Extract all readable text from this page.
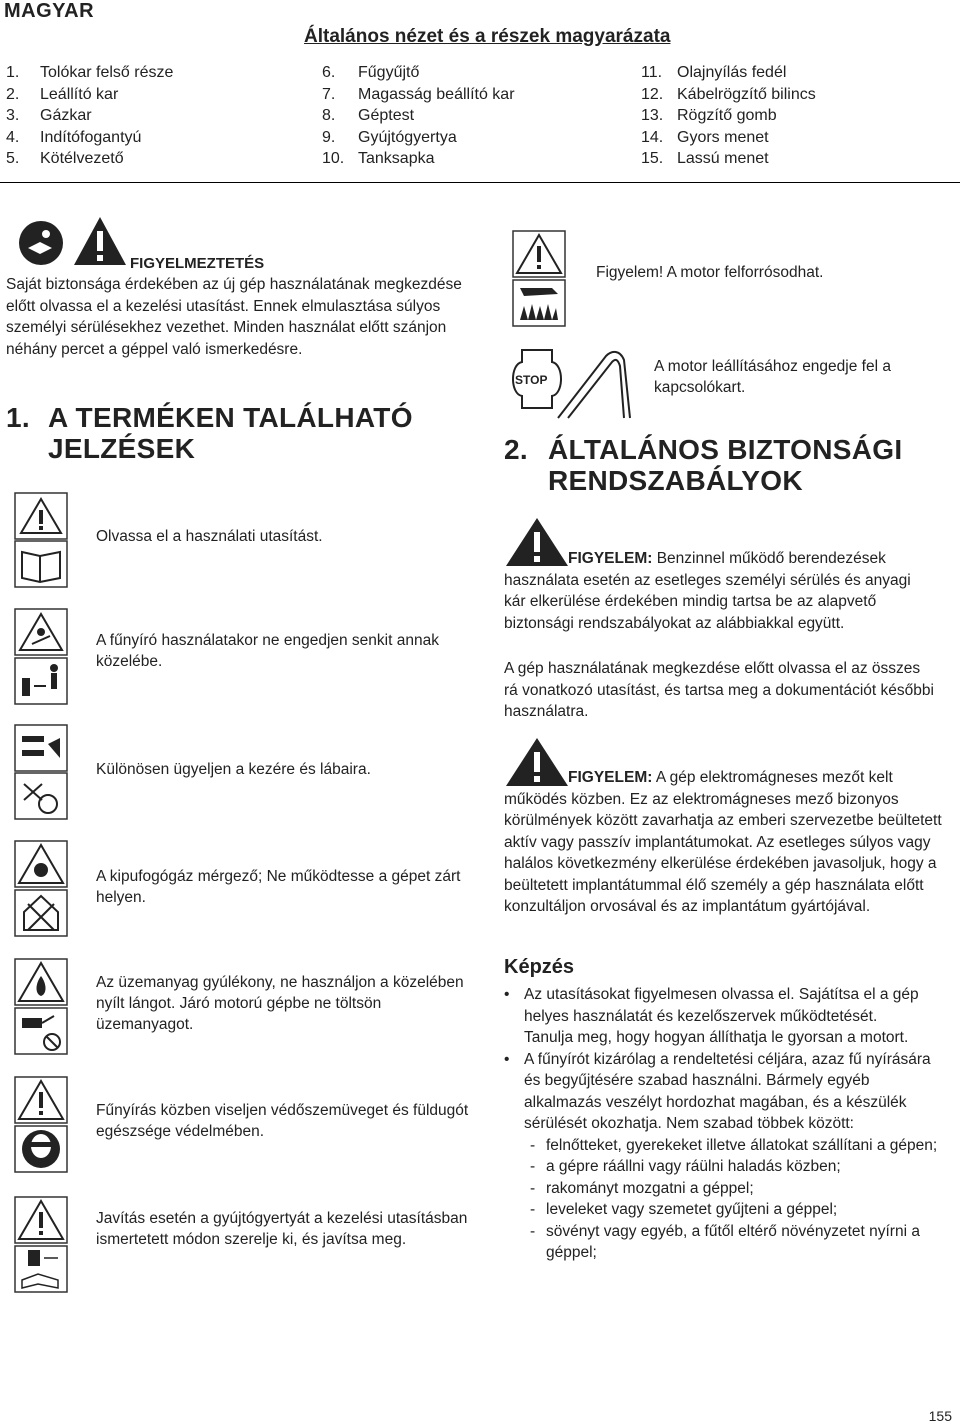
MAGYAR
Általános nézet és a részek magyarázata
1.	Tolókar felső része
2.	Leállító kar
3.	Gázkar
4.	Indítófogantyú
5.	Kötélvezető
6.	Fűgyűjtő
7.	Magasság beállító kar
8.	Géptest
9.	Gyújtógyertya
10. Tanksapka
11. Olajnyílás fedél
12. Kábelrögzítő bilincs
13. Rögzítő gomb
14. Gyors menet
15. Lassú menet
FIGYELMEZTETÉS
Saját biztonsága érdekében az új gép használatának megkezdése előtt olvassa el a kezelési utasítást. Ennek elmulasztása súlyos személyi sérülésekhez vezethet. Minden használat előtt szánjon néhány percet a géppel való ismerkedésre.
1. A TERMÉKEN TALÁLHATÓ JELZÉSEK
Olvassa el a használati utasítást.
A fűnyíró használatakor ne engedjen senkit annak közelébe.
Különösen ügyeljen a kezére és lábaira.
A kipufogógáz mérgező; Ne működtesse a gépet zárt helyen.
Az üzemanyag gyúlékony, ne használjon a közelében nyílt lángot. Járó motorú gépbe ne töltsön üzemanyagot.
Fűnyírás közben viseljen védőszemüveget és füldugót egészsége védelmében.
Javítás esetén a gyújtógyertyát a kezelési utasításban ismertetett módon szerelje ki, és javítsa meg.
Figyelem! A motor felforrósodhat.
STOP
A motor leállításához engedje fel a kapcsolókart.
2. ÁLTALÁNOS BIZTONSÁGI RENDSZABÁLYOK
FIGYELEM: Benzinnel működő berendezések használata esetén az esetleges személyi sérülés és anyagi kár elkerülése érdekében mindig tartsa be az alapvető biztonsági rendszabályokat az alábbiakkal együtt.
A gép használatának megkezdése előtt olvassa el az összes rá vonatkozó utasítást, és tartsa meg a dokumentációt későbbi használatra.
FIGYELEM: A gép elektromágneses mezőt kelt működés közben. Ez az elektromágneses mező bizonyos körülmények között zavarhatja az emberi szervezetbe beültetett aktív vagy passzív implantátumokat. Az esetleges súlyos vagy halálos következmény elkerülése érdekében javasoljuk, hogy a beültetett implantátummal élő személy a gép használata előtt konzultáljon orvosával és az implantátum gyártójával.
Képzés
• Az utasításokat figyelmesen olvassa el. Sajátítsa el a gép helyes használatát és kezelőszervek működtetését.
Tanulja meg, hogy hogyan állíthatja le gyorsan a motort.
• A fűnyírót kizárólag a rendeltetési céljára, azaz fű nyírására és begyűjtésére szabad használni. Bármely egyéb alkalmazás veszélyt hordozhat magában, és a készülék sérülését okozhatja. Nem szabad többek között:
- felnőtteket, gyerekeket illetve állatokat szállítani a gépen;
- a gépre ráállni vagy ráülni haladás közben;
- rakományt mozgatni a géppel;
- leveleket vagy szemetet gyűjteni a géppel;
- sövényt vagy egyéb, a fűtől eltérő növényzetet nyírni a géppel;
155
